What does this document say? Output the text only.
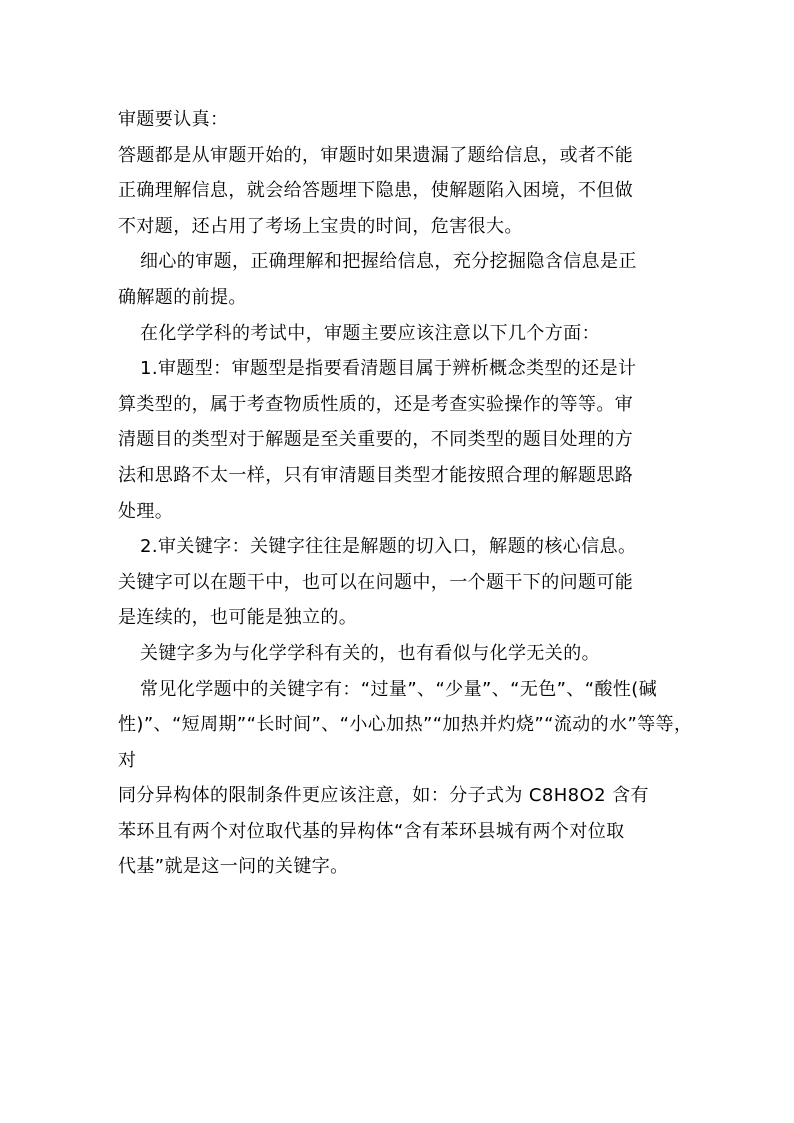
审题要认真：
答题都是从审题开始的，审题时如果遗漏了题给信息，或者不能
正确理解信息，就会给答题埋下隐患，使解题陷入困境，不但做
不对题，还占用了考场上宝贵的时间，危害很大。
细心的审题，正确理解和把握给信息，充分挖掘隐含信息是正
确解题的前提。
在化学学科的考试中，审题主要应该注意以下几个方面：
1.审题型：审题型是指要看清题目属于辨析概念类型的还是计
算类型的，属于考查物质性质的，还是考查实验操作的等等。审
清题目的类型对于解题是至关重要的，不同类型的题目处理的方
法和思路不太一样，只有审清题目类型才能按照合理的解题思路
处理。
2.审关键字：关键字往往是解题的切入口，解题的核心信息。
关键字可以在题干中，也可以在问题中，一个题干下的问题可能
是连续的，也可能是独立的。
关键字多为与化学学科有关的，也有看似与化学无关的。
常见化学题中的关键字有：“过量”、“少量”、“无色”、“酸性(碱
性)”、“短周期”“长时间”、“小心加热”“加热并灼烧”“流动的水”等等，
对
同分异构体的限制条件更应该注意，如：分子式为 C8H8O2 含有
苯环且有两个对位取代基的异构体“含有苯环县城有两个对位取
代基”就是这一问的关键字。
